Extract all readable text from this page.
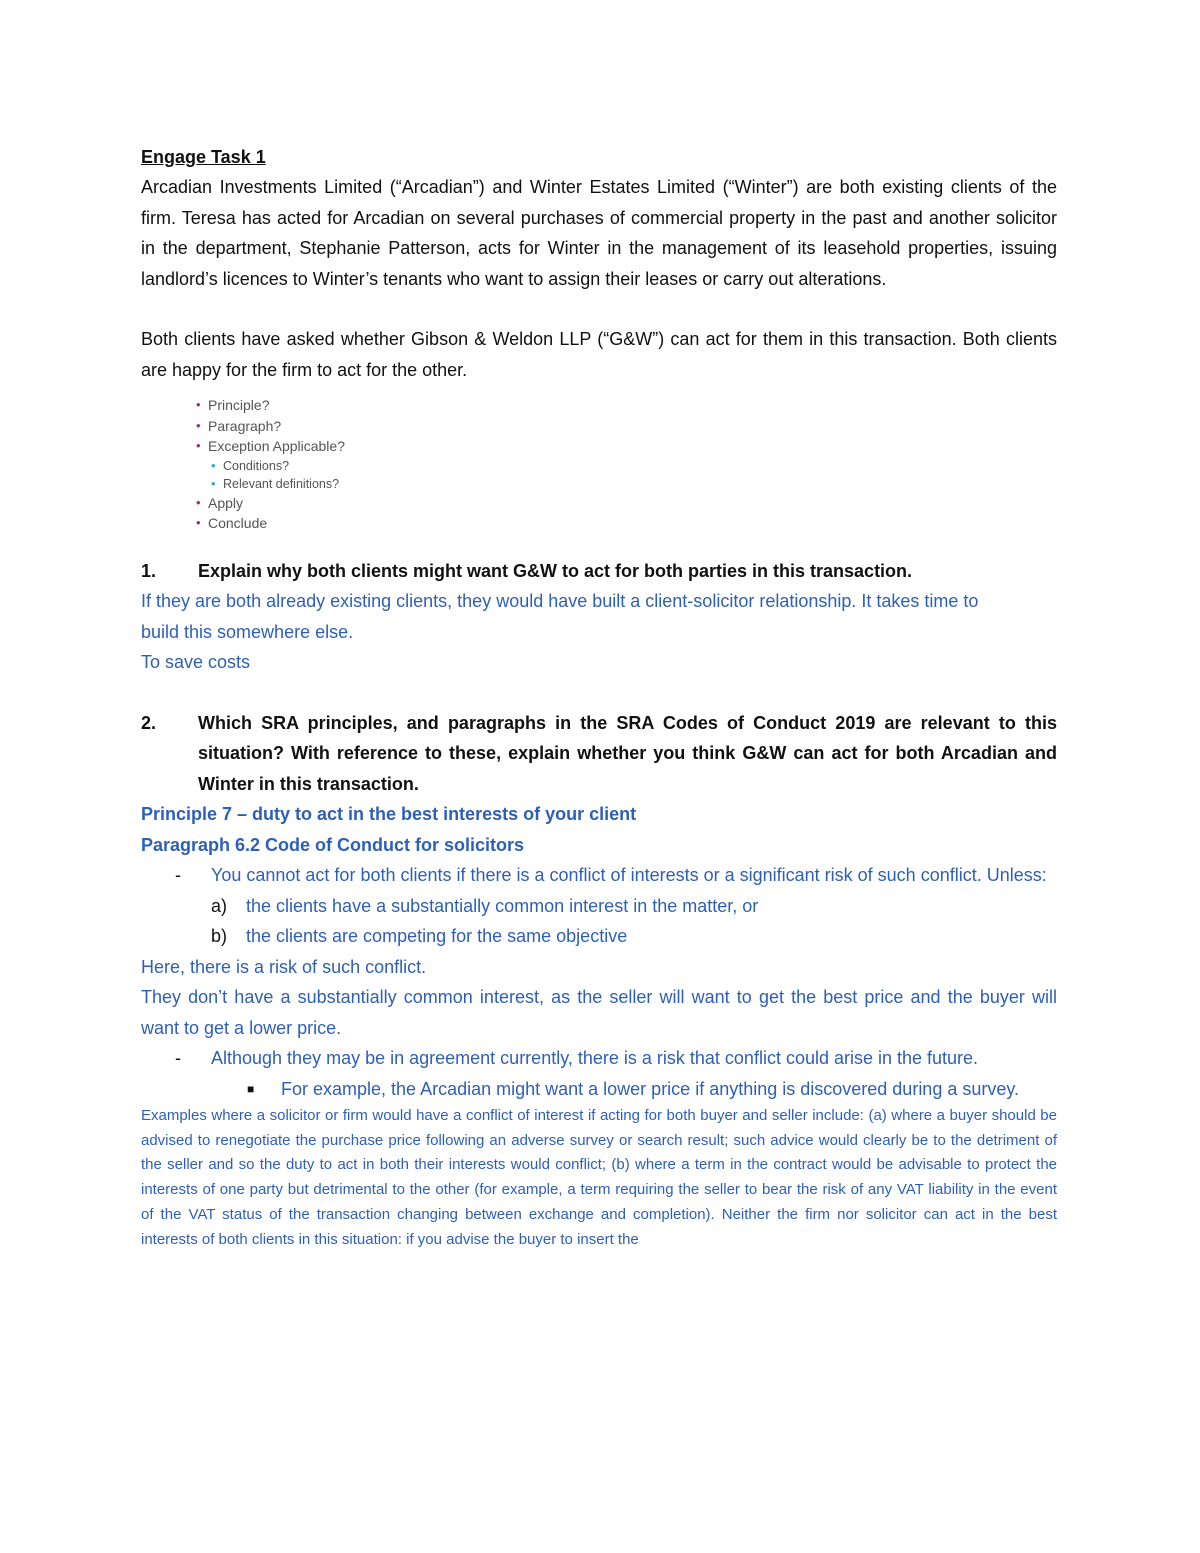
Engage Task 1

Arcadian Investments Limited (“Arcadian”) and Winter Estates Limited (“Winter”) are both existing clients of the firm. Teresa has acted for Arcadian on several purchases of commercial property in the past and another solicitor in the department, Stephanie Patterson, acts for Winter in the management of its leasehold properties, issuing landlord’s licences to Winter’s tenants who want to assign their leases or carry out alterations.

Both clients have asked whether Gibson & Weldon LLP (“G&W”) can act for them in this transaction. Both clients are happy for the firm to act for the other.

• Principle?
• Paragraph?
• Exception Applicable?
• Conditions?
• Relevant definitions?
• Apply
• Conclude
1.	Explain why both clients might want G&W to act for both parties in this transaction.

If they are both already existing clients, they would have built a client-solicitor relationship. It takes time to build this somewhere else.

To save costs

2.	Which SRA principles, and paragraphs in the SRA Codes of Conduct 2019 are relevant to this situation? With reference to these, explain whether you think G&W can act for both Arcadian and Winter in this transaction.

Principle 7 – duty to act in the best interests of your client

Paragraph 6.2 Code of Conduct for solicitors

-	You cannot act for both clients if there is a conflict of interests or a significant risk of such conflict. Unless:
a)	the clients have a substantially common interest in the matter, or
b)	the clients are competing for the same objective

Here, there is a risk of such conflict.

They don’t have a substantially common interest, as the seller will want to get the best price and the buyer will want to get a lower price.

-	Although they may be in agreement currently, there is a risk that conflict could arise in the future.
■	For example, the Arcadian might want a lower price if anything is discovered during a survey.

Examples where a solicitor or firm would have a conflict of interest if acting for both buyer and seller include: (a) where a buyer should be advised to renegotiate the purchase price following an adverse survey or search result; such advice would clearly be to the detriment of the seller and so the duty to act in both their interests would conflict; (b) where a term in the contract would be advisable to protect the interests of one party but detrimental to the other (for example, a term requiring the seller to bear the risk of any VAT liability in the event of the VAT status of the transaction changing between exchange and completion). Neither the firm nor solicitor can act in the best interests of both clients in this situation: if you advise the buyer to insert the
